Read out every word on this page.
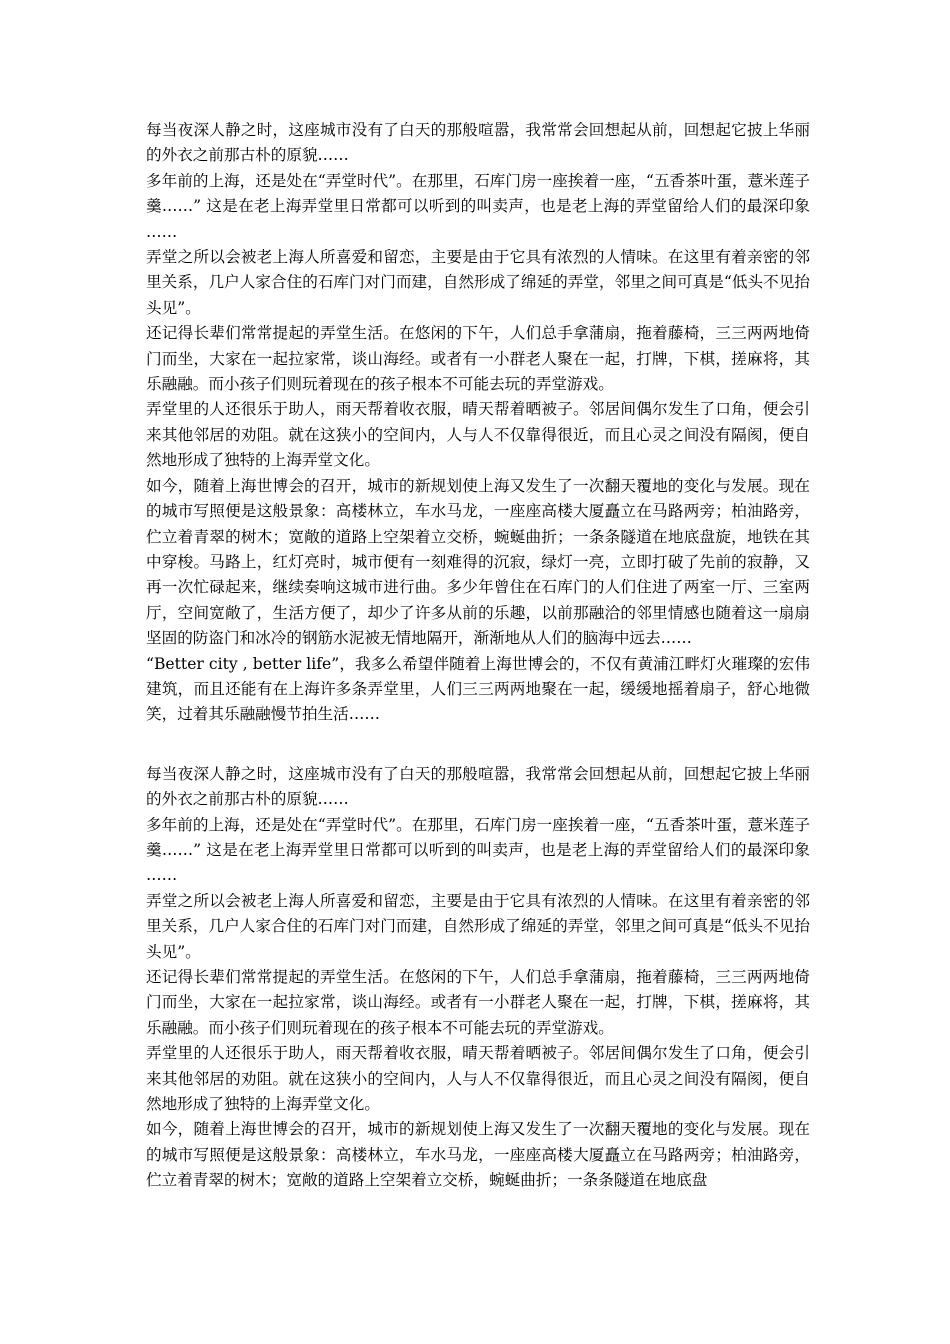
每当夜深人静之时，这座城市没有了白天的那般喧嚣，我常常会回想起从前，回想起它披上华丽的外衣之前那古朴的原貌……

多年前的上海，还是处在“弄堂时代”。在那里，石库门房一座挨着一座，“五香茶叶蛋，薏米莲子羹……” 这是在老上海弄堂里日常都可以听到的叫卖声，也是老上海的弄堂留给人们的最深印象 ……

弄堂之所以会被老上海人所喜爱和留恋，主要是由于它具有浓烈的人情味。在这里有着亲密的邻里关系，几户人家合住的石库门对门而建，自然形成了绵延的弄堂，邻里之间可真是“低头不见抬头见”。

还记得长辈们常常提起的弄堂生活。在悠闲的下午，人们总手拿蒲扇，拖着藤椅，三三两两地倚门而坐，大家在一起拉家常，谈山海经。或者有一小群老人聚在一起，打牌，下棋，搓麻将，其乐融融。而小孩子们则玩着现在的孩子根本不可能去玩的弄堂游戏。

弄堂里的人还很乐于助人，雨天帮着收衣服，晴天帮着晒被子。邻居间偶尔发生了口角，便会引来其他邻居的劝阻。就在这狭小的空间内，人与人不仅靠得很近，而且心灵之间没有隔阂，便自然地形成了独特的上海弄堂文化。

如今，随着上海世博会的召开，城市的新规划使上海又发生了一次翻天覆地的变化与发展。现在的城市写照便是这般景象：高楼林立，车水马龙，一座座高楼大厦矗立在马路两旁；柏油路旁，伫立着青翠的树木；宽敞的道路上空架着立交桥，蜿蜒曲折；一条条隧道在地底盘旋，地铁在其中穿梭。马路上，红灯亮时，城市便有一刻难得的沉寂，绿灯一亮，立即打破了先前的寂静，又再一次忙碌起来，继续奏响这城市进行曲。多少年曾住在石库门的人们住进了两室一厅、三室两厅，空间宽敞了，生活方便了，却少了许多从前的乐趣，以前那融洽的邻里情感也随着这一扇扇坚固的防盗门和冰冷的钢筋水泥被无情地隔开，渐渐地从人们的脑海中远去……

“Better city , better life”，我多么希望伴随着上海世博会的，不仅有黄浦江畔灯火璀璨的宏伟建筑，而且还能有在上海许多条弄堂里，人们三三两两地聚在一起，缓缓地摇着扇子，舒心地微笑，过着其乐融融慢节拍生活……

每当夜深人静之时，这座城市没有了白天的那般喧嚣，我常常会回想起从前，回想起它披上华丽的外衣之前那古朴的原貌……

多年前的上海，还是处在“弄堂时代”。在那里，石库门房一座挨着一座，“五香茶叶蛋，薏米莲子羹……” 这是在老上海弄堂里日常都可以听到的叫卖声，也是老上海的弄堂留给人们的最深印象 ……

弄堂之所以会被老上海人所喜爱和留恋，主要是由于它具有浓烈的人情味。在这里有着亲密的邻里关系，几户人家合住的石库门对门而建，自然形成了绵延的弄堂，邻里之间可真是“低头不见抬头见”。

还记得长辈们常常提起的弄堂生活。在悠闲的下午，人们总手拿蒲扇，拖着藤椅，三三两两地倚门而坐，大家在一起拉家常，谈山海经。或者有一小群老人聚在一起，打牌，下棋，搓麻将，其乐融融。而小孩子们则玩着现在的孩子根本不可能去玩的弄堂游戏。

弄堂里的人还很乐于助人，雨天帮着收衣服，晴天帮着晒被子。邻居间偶尔发生了口角，便会引来其他邻居的劝阻。就在这狭小的空间内，人与人不仅靠得很近，而且心灵之间没有隔阂，便自然地形成了独特的上海弄堂文化。

如今，随着上海世博会的召开，城市的新规划使上海又发生了一次翻天覆地的变化与发展。现在的城市写照便是这般景象：高楼林立，车水马龙，一座座高楼大厦矗立在马路两旁；柏油路旁，伫立着青翠的树木；宽敞的道路上空架着立交桥，蜿蜒曲折；一条条隧道在地底盘
